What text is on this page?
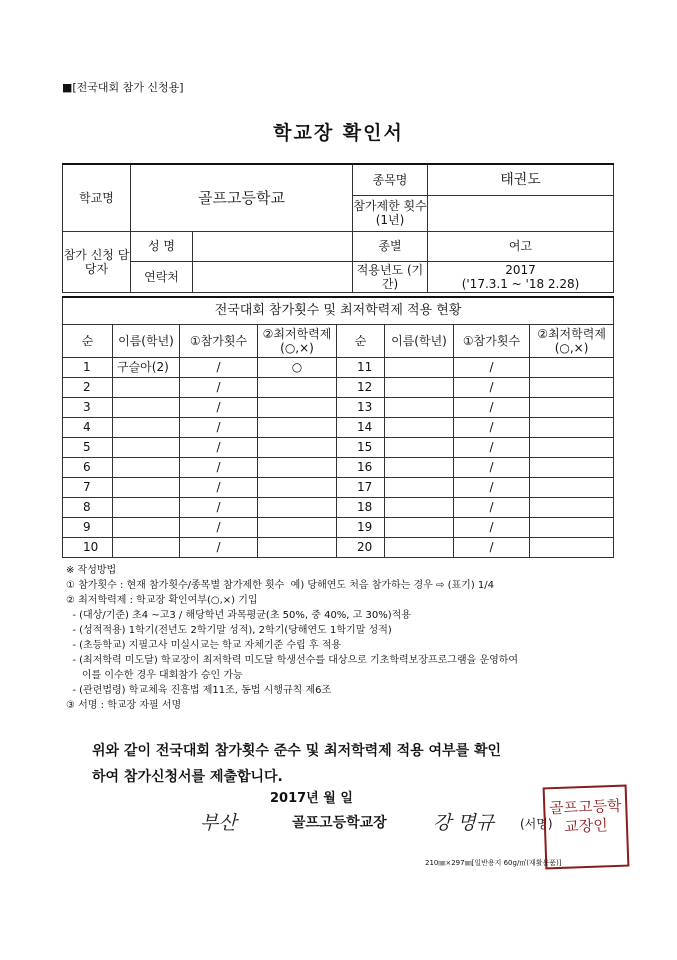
■[전국대회 참가 신청용]
학교장 확인서
학교명	골프고등학교		종목명	태권도
			참가제한 횟수(1년)	
참가 신청 담당자	성 명		종별	여고
	연락처		적용년도 (기간)	2017
('17.3.1 ~ '18 2.28)
전국대회 참가횟수 및 최저학력제 적용 현황							
순	이름(학년)	①참가횟수	②최저학력제 (○,×)	순	이름(학년)	①참가횟수	②최저학력제 (○,×)
1	구슬아(2)	/	○	11		/	
2		/		12		/	
3		/		13		/	
4		/		14		/	
5		/		15		/	
6		/		16		/	
7		/		17		/	
8		/		18		/	
9		/		19		/	
10		/		20		/	
※ 작성방법
① 참가횟수 : 현재 참가횟수/종목별 참가제한 횟수  예) 당해연도 처음 참가하는 경우 ⇨ (표기) 1/4
② 최저학력제 : 학교장 확인여부(○,×) 기입
- (대상/기준) 초4 ~고3 / 해당학년 과목평균(초 50%, 중 40%, 고 30%)적용
- (성적적용) 1학기(전년도 2학기말 성적), 2학기(당해연도 1학기말 성적)
- (초등학교) 지필고사 미실시교는 학교 자체기준 수립 후 적용
- (최저학력 미도달) 학교장이 최저학력 미도달 학생선수를 대상으로 기초학력보장프로그램을 운영하여
이를 이수한 경우 대회참가 승인 가능
- (관련법령) 학교체육 진흥법 제11조, 동법 시행규칙 제6조
③ 서명 : 학교장 자필 서명
위와 같이 전국대회 참가횟수 준수 및 최저학력제 적용 여부를 확인
하여 참가신청서를 제출합니다.
2017년 월 일
부산	골프고등학교장 강 명규 (서명)
골프고등학교장인
210㎜×297㎜[일반용지 60g/㎡(재활용품)]
